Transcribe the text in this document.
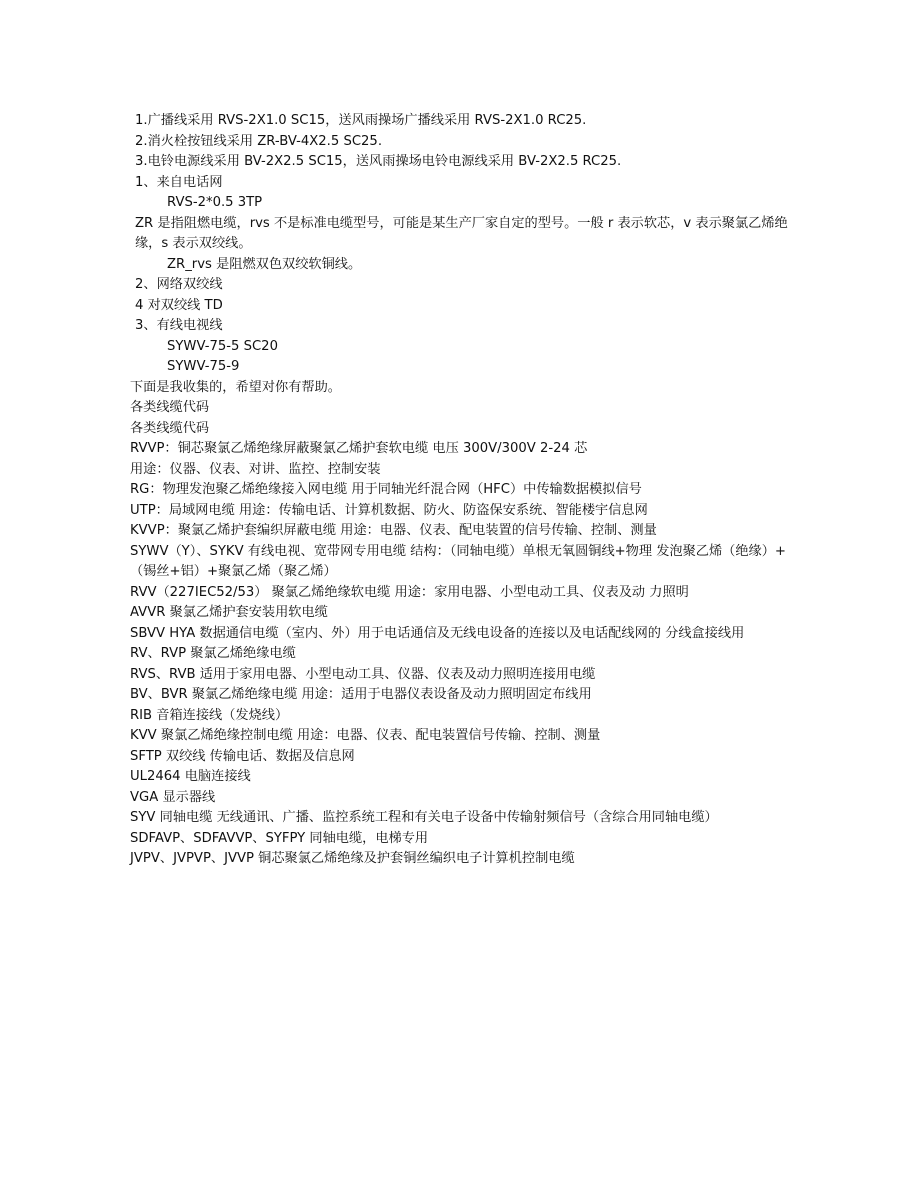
1.广播线采用 RVS-2X1.0 SC15，送风雨操场广播线采用 RVS-2X1.0 RC25.

2.消火栓按钮线采用 ZR-BV-4X2.5 SC25.

3.电铃电源线采用 BV-2X2.5 SC15，送风雨操场电铃电源线采用 BV-2X2.5 RC25.

1、来自电话网

RVS-2*0.5 3TP

ZR 是指阻燃电缆，rvs 不是标准电缆型号，可能是某生产厂家自定的型号。一般 r 表示软芯，v 表示聚氯乙烯绝缘，s 表示双绞线。

ZR_rvs 是阻燃双色双绞软铜线。

2、网络双绞线

4 对双绞线 TD

3、有线电视线

SYWV-75-5 SC20

SYWV-75-9

下面是我收集的，希望对你有帮助。

各类线缆代码

各类线缆代码

RVVP：铜芯聚氯乙烯绝缘屏蔽聚氯乙烯护套软电缆 电压 300V/300V 2-24 芯

用途：仪器、仪表、对讲、监控、控制安装

RG：物理发泡聚乙烯绝缘接入网电缆 用于同轴光纤混合网（HFC）中传输数据模拟信号

UTP：局域网电缆 用途：传输电话、计算机数据、防火、防盗保安系统、智能楼宇信息网

KVVP：聚氯乙烯护套编织屏蔽电缆 用途：电器、仪表、配电装置的信号传输、控制、测量

SYWV（Y）、SYKV 有线电视、宽带网专用电缆 结构：（同轴电缆）单根无氧圆铜线+物理 发泡聚乙烯（绝缘）+（锡丝+铝）+聚氯乙烯（聚乙烯）

RVV（227IEC52/53） 聚氯乙烯绝缘软电缆 用途：家用电器、小型电动工具、仪表及动 力照明

AVVR 聚氯乙烯护套安装用软电缆

SBVV HYA 数据通信电缆（室内、外）用于电话通信及无线电设备的连接以及电话配线网的 分线盒接线用

RV、RVP 聚氯乙烯绝缘电缆

RVS、RVB 适用于家用电器、小型电动工具、仪器、仪表及动力照明连接用电缆

BV、BVR 聚氯乙烯绝缘电缆 用途：适用于电器仪表设备及动力照明固定布线用

RIB 音箱连接线（发烧线）

KVV 聚氯乙烯绝缘控制电缆 用途：电器、仪表、配电装置信号传输、控制、测量

SFTP 双绞线 传输电话、数据及信息网

UL2464 电脑连接线

VGA 显示器线

SYV 同轴电缆 无线通讯、广播、监控系统工程和有关电子设备中传输射频信号（含综合用同轴电缆）

SDFAVP、SDFAVVP、SYFPY 同轴电缆，电梯专用

JVPV、JVPVP、JVVP 铜芯聚氯乙烯绝缘及护套铜丝编织电子计算机控制电缆
